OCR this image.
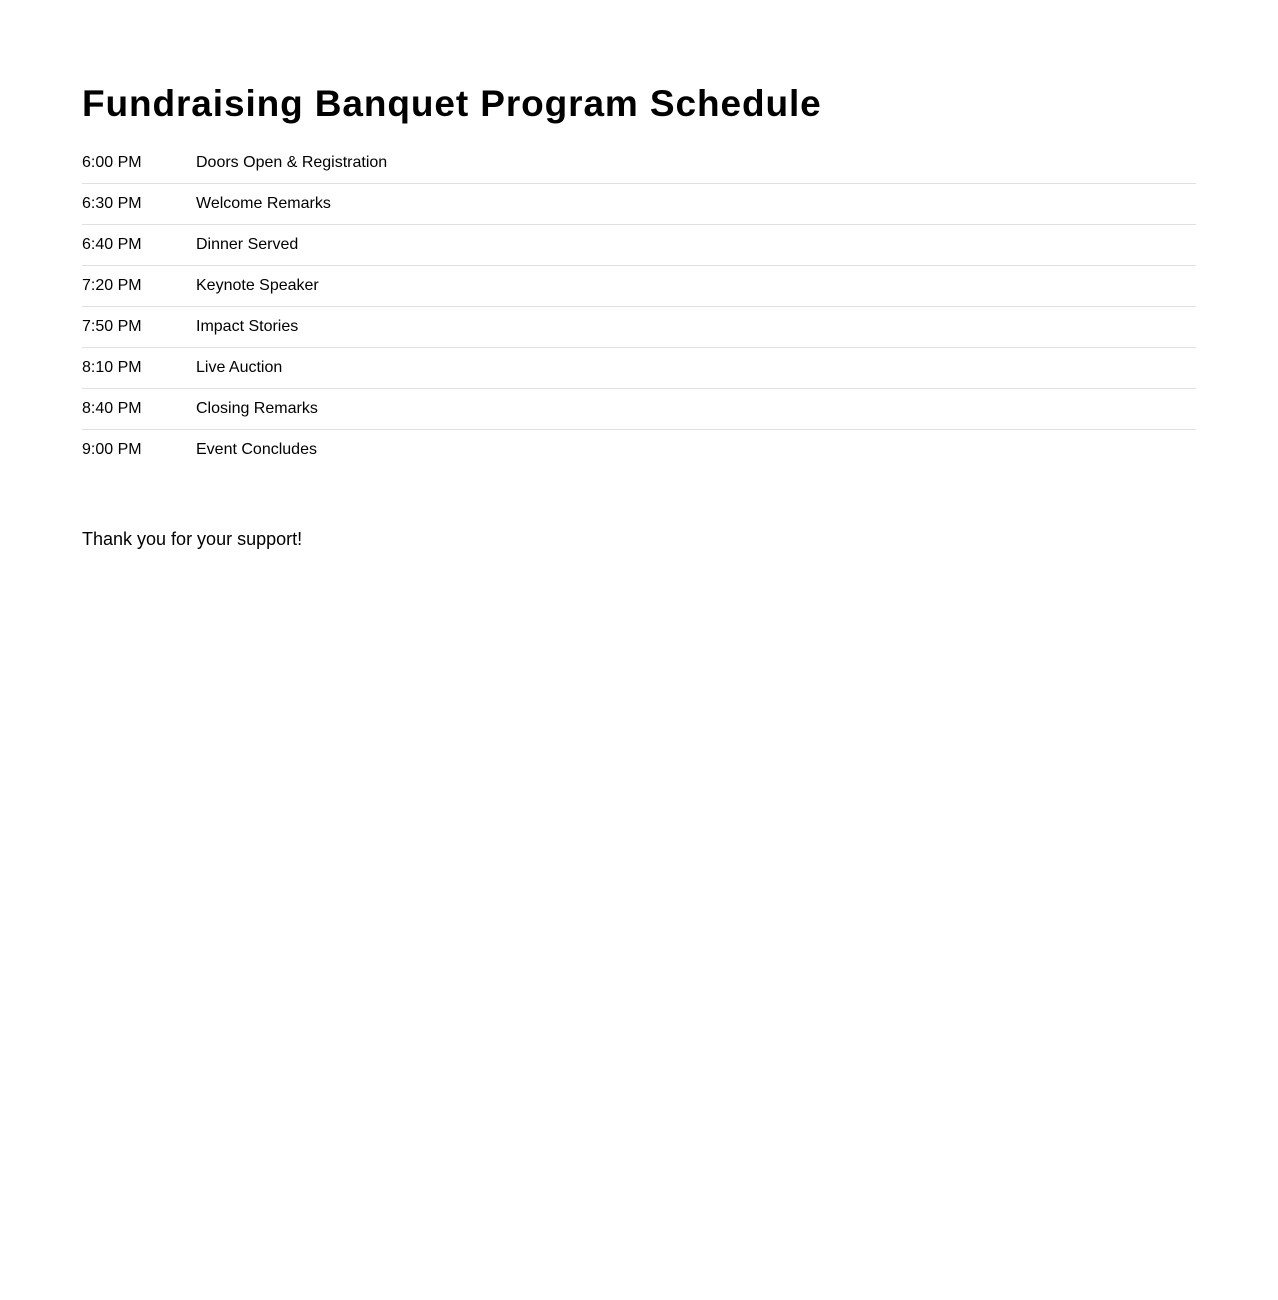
Fundraising Banquet Program Schedule
6:00 PM	Doors Open & Registration
6:30 PM	Welcome Remarks
6:40 PM	Dinner Served
7:20 PM	Keynote Speaker
7:50 PM	Impact Stories
8:10 PM	Live Auction
8:40 PM	Closing Remarks
9:00 PM	Event Concludes

Thank you for your support!
